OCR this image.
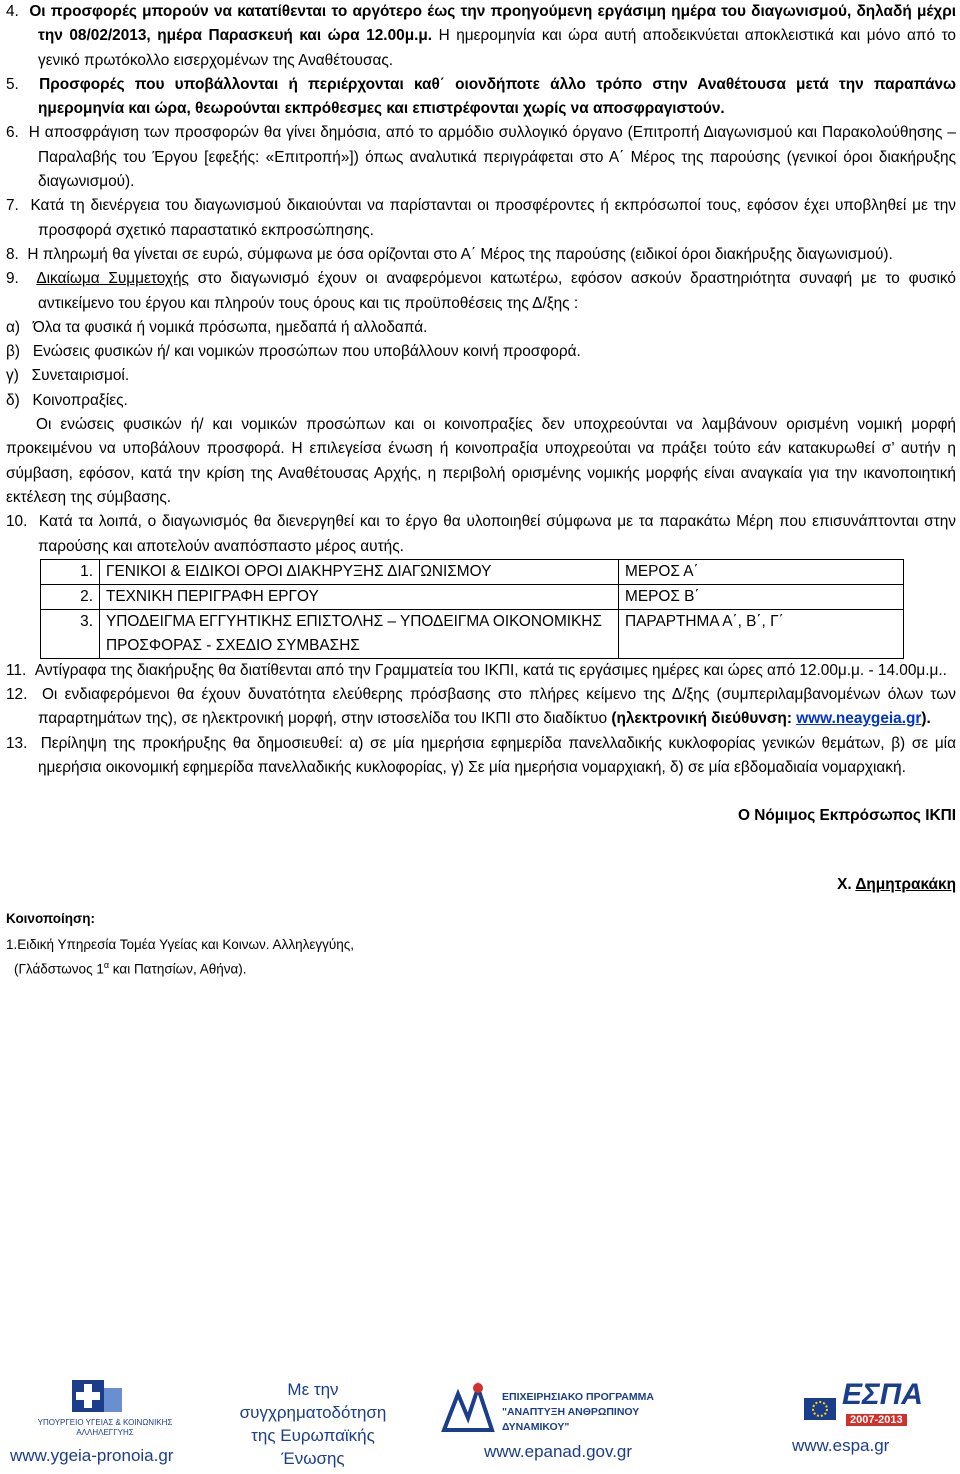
4. Οι προσφορές μπορούν να κατατίθενται το αργότερο έως την προηγούμενη εργάσιμη ημέρα του διαγωνισμού, δηλαδή μέχρι την 08/02/2013, ημέρα Παρασκευή και ώρα 12.00μ.μ. Η ημερομηνία και ώρα αυτή αποδεικνύεται αποκλειστικά και μόνο από το γενικό πρωτόκολλο εισερχομένων της Αναθέτουσας.

5. Προσφορές που υποβάλλονται ή περιέρχονται καθ΄ οιονδήποτε άλλο τρόπο στην Αναθέτουσα μετά την παραπάνω ημερομηνία και ώρα, θεωρούνται εκπρόθεσμες και επιστρέφονται χωρίς να αποσφραγιστούν.

6. Η αποσφράγιση των προσφορών θα γίνει δημόσια, από το αρμόδιο συλλογικό όργανο (Επιτροπή Διαγωνισμού και Παρακολούθησης – Παραλαβής του Έργου [εφεξής: «Επιτροπή»]) όπως αναλυτικά περιγράφεται στο Α΄ Μέρος της παρούσης (γενικοί όροι διακήρυξης διαγωνισμού).

7. Κατά τη διενέργεια του διαγωνισμού δικαιούνται να παρίστανται οι προσφέροντες ή εκπρόσωποί τους, εφόσον έχει υποβληθεί με την προσφορά σχετικό παραστατικό εκπροσώπησης.

8. Η πληρωμή θα γίνεται σε ευρώ, σύμφωνα με όσα ορίζονται στο Α΄ Μέρος της παρούσης (ειδικοί όροι διακήρυξης διαγωνισμού).

9. Δικαίωμα Συμμετοχής στο διαγωνισμό έχουν οι αναφερόμενοι κατωτέρω, εφόσον ασκούν δραστηριότητα συναφή με το φυσικό αντικείμενο του έργου και πληρούν τους όρους και τις προϋποθέσεις της Δ/ξης :

α) Όλα τα φυσικά ή νομικά πρόσωπα, ημεδαπά ή αλλοδαπά.

β) Ενώσεις φυσικών ή/ και νομικών προσώπων που υποβάλλουν κοινή προσφορά.

γ) Συνεταιρισμοί.

δ) Κοινοπραξίες.

Οι ενώσεις φυσικών ή/ και νομικών προσώπων και οι κοινοπραξίες δεν υποχρεούνται να λαμβάνουν ορισμένη νομική μορφή προκειμένου να υποβάλουν προσφορά. Η επιλεγείσα ένωση ή κοινοπραξία υποχρεούται να πράξει τούτο εάν κατακυρωθεί σ’ αυτήν η σύμβαση, εφόσον, κατά την κρίση της Αναθέτουσας Αρχής, η περιβολή ορισμένης νομικής μορφής είναι αναγκαία για την ικανοποιητική εκτέλεση της σύμβασης.

10. Κατά τα λοιπά, ο διαγωνισμός θα διενεργηθεί και το έργο θα υλοποιηθεί σύμφωνα με τα παρακάτω Μέρη που επισυνάπτονται στην παρούσης και αποτελούν αναπόσπαστο μέρος αυτής.

1.	ΓΕΝΙΚΟΙ & ΕΙΔΙΚΟΙ ΟΡΟΙ ΔΙΑΚΗΡΥΞΗΣ ΔΙΑΓΩΝΙΣΜΟΥ	ΜΕΡΟΣ Α΄
2.	ΤΕΧΝΙΚΗ ΠΕΡΙΓΡΑΦΗ ΕΡΓΟΥ	ΜΕΡΟΣ Β΄
3.	ΥΠΟΔΕΙΓΜΑ ΕΓΓΥΗΤΙΚΗΣ ΕΠΙΣΤΟΛΗΣ – ΥΠΟΔΕΙΓΜΑ ΟΙΚΟΝΟΜΙΚΗΣ ΠΡΟΣΦΟΡΑΣ - ΣΧΕΔΙΟ ΣΥΜΒΑΣΗΣ	ΠΑΡΑΡΤΗΜΑ Α΄, Β΄, Γ΄

11. Αντίγραφα της διακήρυξης θα διατίθενται από την Γραμματεία του ΙΚΠΙ, κατά τις εργάσιμες ημέρες και ώρες από 12.00μ.μ. - 14.00μ.μ..

12. Οι ενδιαφερόμενοι θα έχουν δυνατότητα ελεύθερης πρόσβασης στο πλήρες κείμενο της Δ/ξης (συμπεριλαμβανομένων όλων των παραρτημάτων της), σε ηλεκτρονική μορφή, στην ιστοσελίδα του ΙΚΠΙ στο διαδίκτυο (ηλεκτρονική διεύθυνση: www.neaygeia.gr).

13. Περίληψη της προκήρυξης θα δημοσιευθεί: α) σε μία ημερήσια εφημερίδα πανελλαδικής κυκλοφορίας γενικών θεμάτων, β) σε μία ημερήσια οικονομική εφημερίδα πανελλαδικής κυκλοφορίας, γ) Σε μία ημερήσια νομαρχιακή, δ) σε μία εβδομαδιαία νομαρχιακή.

Ο Νόμιμος Εκπρόσωπος ΙΚΠΙ

Χ. Δημητρακάκη

Κοινοποίηση:
1.Ειδική Υπηρεσία Τομέα Υγείας και Κοινων. Αλληλεγγύης,
(Γλάδστωνος $1^\alpha$ και Πατησίων, Αθήνα).
ΥΠΟΥΡΓΕΙΟ ΥΓΕΙΑΣ & ΚΟΙΝΩΝΙΚΗΣ ΑΛΛΗΛΕΓΓΥΗΣ
www.ygeia-pronoia.gr
Με την
συγχρηματοδότηση
της Ευρωπαϊκής
Ένωσης
ΕΠΙΧΕΙΡΗΣΙΑΚΟ ΠΡΟΓΡΑΜΜΑ
"ΑΝΑΠΤΥΞΗ ΑΝΘΡΩΠΙΝΟΥ ΔΥΝΑΜΙΚΟΥ"
www.epanad.gov.gr
ΕΣΠΑ
2007-2013
www.espa.gr
